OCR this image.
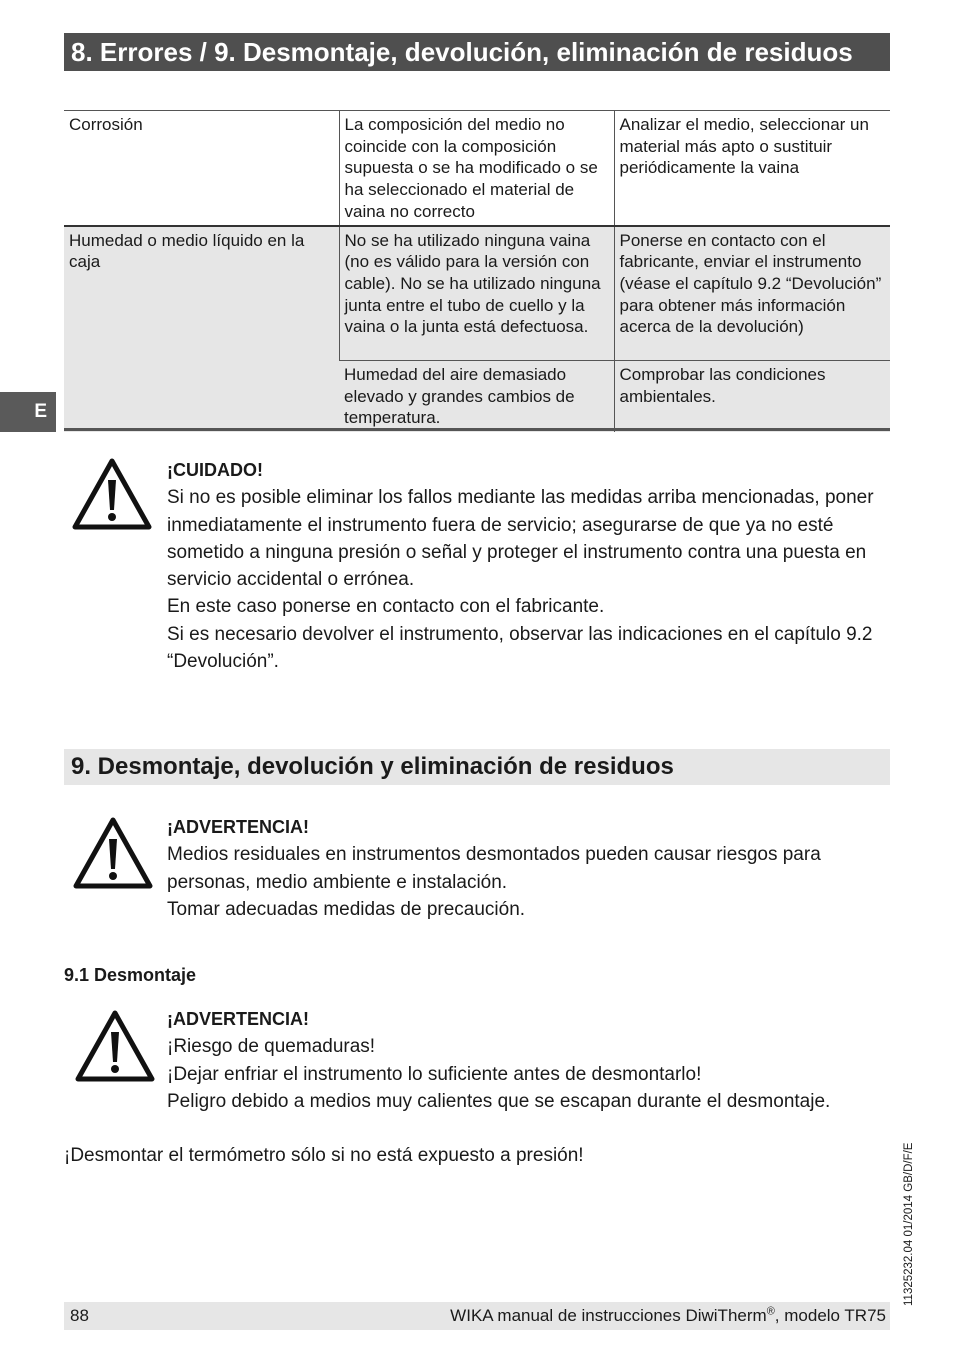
8. Errores / 9. Desmontaje, devolución, eliminación de residuos
Corrosión	La composición del medio no coincide con la composición supuesta o se ha modificado o se ha seleccionado el material de vaina no correcto	Analizar el medio, seleccionar un material más apto o sustituir periódicamente la vaina
Humedad o medio líquido en la caja	No se ha utilizado ninguna vaina (no es válido para la versión con cable). No se ha utilizado ninguna junta entre el tubo de cuello y la vaina o la junta está defectuosa.	Ponerse en contacto con el fabricante, enviar el instrumento (véase el capítulo 9.2 “Devolución” para obtener más información acerca de la devolución)
	Humedad del aire demasiado elevado y grandes cambios de temperatura.	Comprobar las condiciones ambientales.
E

¡CUIDADO!

Si no es posible eliminar los fallos mediante las medidas arriba mencionadas, poner inmediatamente el instrumento fuera de servicio; asegurarse de que ya no esté sometido a ninguna presión o señal y proteger el instrumento contra una puesta en servicio accidental o errónea.

En este caso ponerse en contacto con el fabricante.

Si es necesario devolver el instrumento, observar las indicaciones en el capítulo 9.2 “Devolución”.

9. Desmontaje, devolución y eliminación de residuos

¡ADVERTENCIA!

Medios residuales en instrumentos desmontados pueden causar riesgos para personas, medio ambiente e instalación.

Tomar adecuadas medidas de precaución.

9.1 Desmontaje

¡ADVERTENCIA!

¡Riesgo de quemaduras!

¡Dejar enfriar el instrumento lo suficiente antes de desmontarlo!

Peligro debido a medios muy calientes que se escapan durante el desmontaje.

¡Desmontar el termómetro sólo si no está expuesto a presión!	11325232.04 01/2014 GB/D/F/E
88	WIKA manual de instrucciones DiwiTherm®, modelo TR75
